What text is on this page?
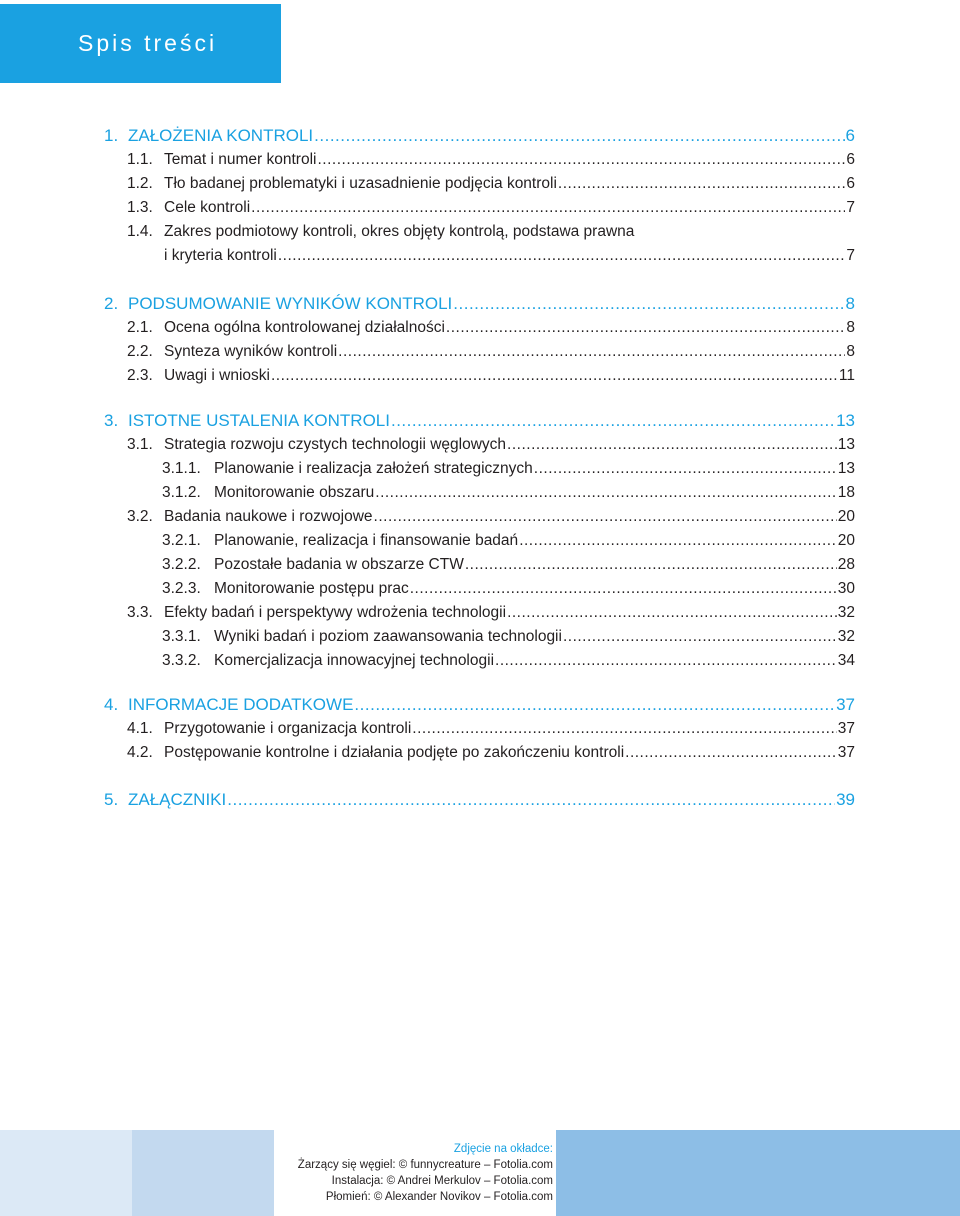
Spis treści
1. ZAŁOŻENIA KONTROLI .....	6
1.1. Temat i numer kontroli .....	6
1.2. Tło badanej problematyki i uzasadnienie podjęcia kontroli .....	6
1.3. Cele kontroli .....	7
1.4. Zakres podmiotowy kontroli, okres objęty kontrolą, podstawa prawna
i kryteria kontroli .....	7
2. PODSUMOWANIE WYNIKÓW KONTROLI .....	8
2.1. Ocena ogólna kontrolowanej działalności .....	8
2.2. Synteza wyników kontroli .....	8
2.3. Uwagi i wnioski .....	11
3. ISTOTNE USTALENIA KONTROLI .....	13
3.1. Strategia rozwoju czystych technologii węglowych .....	13
3.1.1. Planowanie i realizacja założeń strategicznych .....	13
3.1.2. Monitorowanie obszaru .....	18
3.2. Badania naukowe i rozwojowe .....	20
3.2.1. Planowanie, realizacja i finansowanie badań .....	20
3.2.2. Pozostałe badania w obszarze CTW .....	28
3.2.3. Monitorowanie postępu prac .....	30
3.3. Efekty badań i perspektywy wdrożenia technologii .....	32
3.3.1. Wyniki badań i poziom zaawansowania technologii .....	32
3.3.2. Komercjalizacja innowacyjnej technologii .....	34
4. INFORMACJE DODATKOWE .....	37
4.1. Przygotowanie i organizacja kontroli .....	37
4.2. Postępowanie kontrolne i działania podjęte po zakończeniu kontroli .....	37
5. ZAŁĄCZNIKI .....	39
Zdjęcie na okładce:
Żarzący się węgiel: © funnycreature – Fotolia.com
Instalacja: © Andrei Merkulov – Fotolia.com
Płomień: © Alexander Novikov – Fotolia.com
